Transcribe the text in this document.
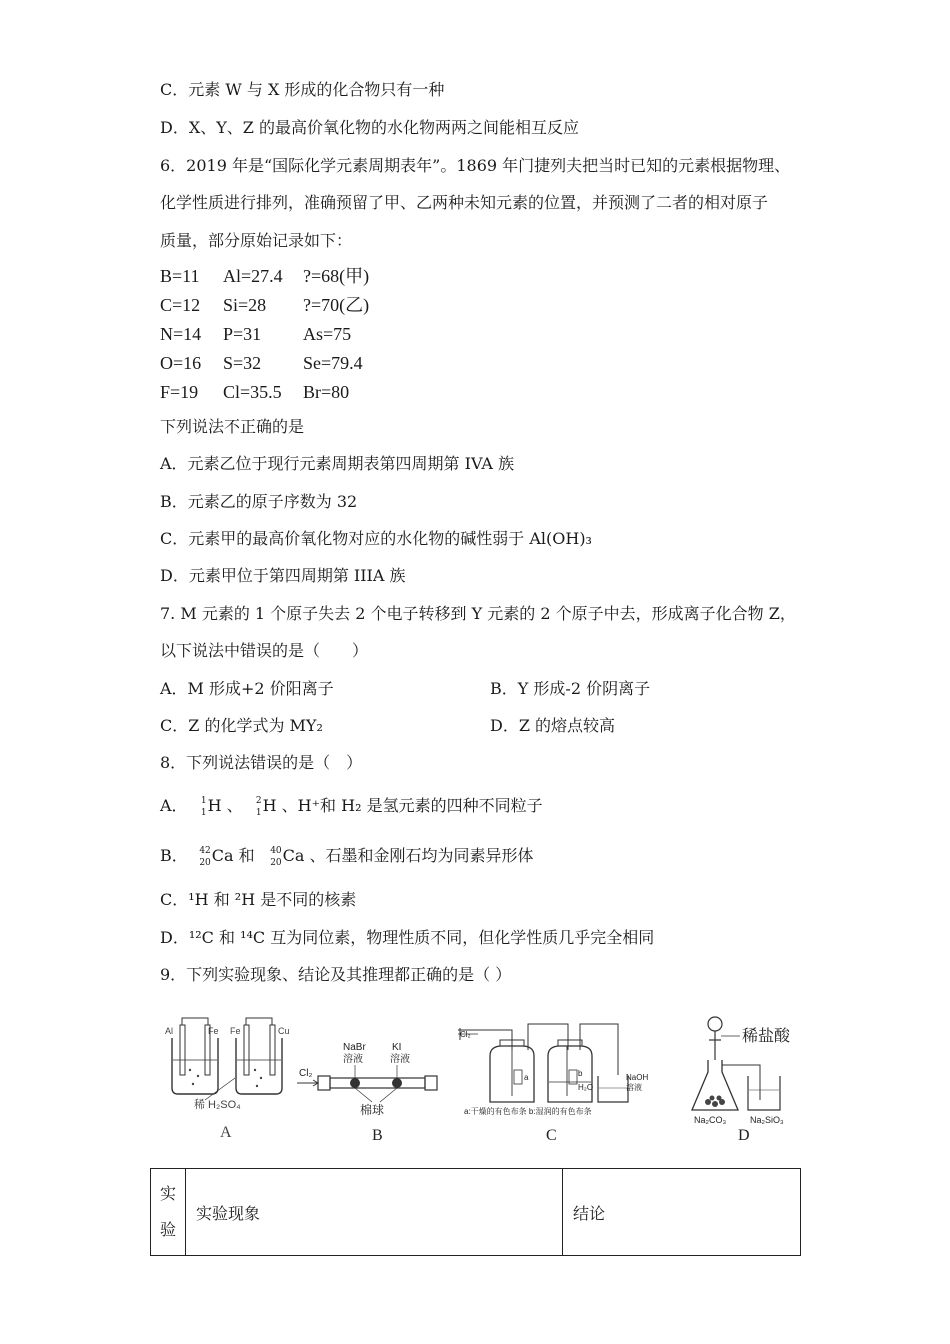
C．元素 W 与 X 形成的化合物只有一种
D．X、Y、Z 的最高价氧化物的水化物两两之间能相互反应
6．2019 年是“国际化学元素周期表年”。1869 年门捷列夫把当时已知的元素根据物理、
化学性质进行排列，准确预留了甲、乙两种未知元素的位置，并预测了二者的相对原子
质量，部分原始记录如下：
B=11 Al=27.4 ?=68(甲)
C=12 Si=28 ?=70(乙)
N=14 P=31 As=75
O=16 S=32 Se=79.4
F=19 Cl=35.5 Br=80
下列说法不正确的是
A．元素乙位于现行元素周期表第四周期第 IVA 族
B．元素乙的原子序数为 32
C．元素甲的最高价氧化物对应的水化物的碱性弱于 Al(OH)₃
D．元素甲位于第四周期第 IIIA 族
7. M 元素的 1 个原子失去 2 个电子转移到 Y 元素的 2 个原子中去，形成离子化合物 Z，
以下说法中错误的是（　　）
A．M 形成+2 价阳离子	B．Y 形成-2 价阴离子
C．Z 的化学式为 MY₂	D．Z 的熔点较高
8．下列说法错误的是（　）
A． 1
1 H 、 2
1 H 、H⁺和 H₂ 是氢元素的四种不同粒子
B． 42
20 Ca 和 40
20 Ca 、石墨和金刚石均为同素异形体
C．¹H 和 ²H 是不同的核素
D．¹²C 和 ¹⁴C 互为同位素，物理性质不同，但化学性质几乎完全相同
9．下列实验现象、结论及其推理都正确的是（ ）
Al	Fe Fe	Cu
稀 H₂SO₄
A
Cl₂
NaBr
溶液
KI
溶液
棉球
B
Cl₂
a	b
H₂O
NaOH
溶液
a:干燥的有色布条 b:湿润的有色布条
C
稀盐酸
Na₂CO₃	Na₂SiO₃
D
实
验
	实验现象	结论
